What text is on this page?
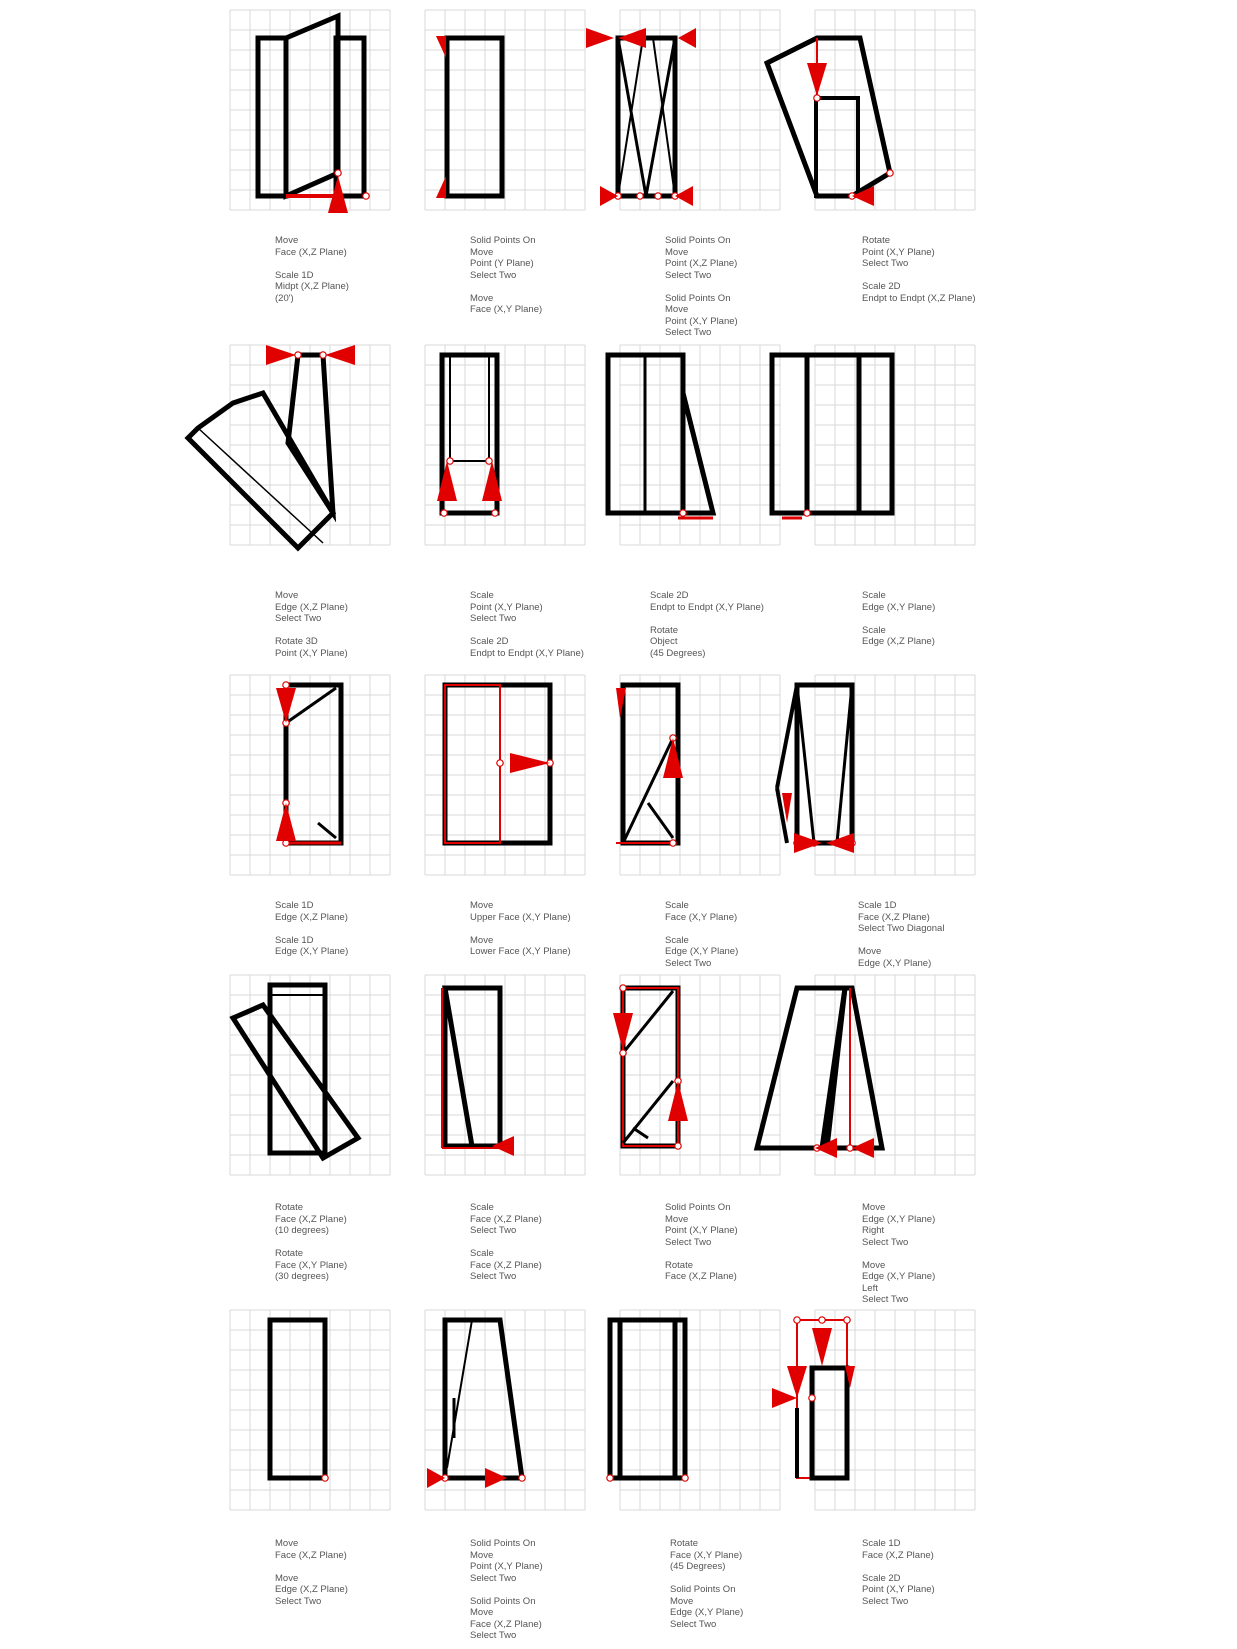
Move
Face (X,Z Plane)
Scale 1D
Midpt (X,Z Plane)
(20')
Solid Points On
Move
Point (Y Plane)
Select Two
Move
Face (X,Y Plane)
Solid Points On
Move
Point (X,Z Plane)
Select Two
Solid Points On
Move
Point (X,Y Plane)
Select Two
Rotate
Point (X,Y Plane)
Select Two
Scale 2D
Endpt to Endpt (X,Z Plane)
Move
Edge (X,Z Plane)
Select Two
Rotate 3D
Point (X,Y Plane)
Scale
Point (X,Y Plane)
Select Two
Scale 2D
Endpt to Endpt (X,Y Plane)
Scale 2D
Endpt to Endpt (X,Y Plane)
Rotate
Object
(45 Degrees)
Scale
Edge (X,Y Plane)
Scale
Edge (X,Z Plane)
Scale 1D
Edge (X,Z Plane)
Scale 1D
Edge (X,Y Plane)
Move
Upper Face (X,Y Plane)
Move
Lower Face (X,Y Plane)
Scale
Face (X,Y Plane)
Scale
Edge (X,Y Plane)
Select Two
Scale 1D
Face (X,Z Plane)
Select Two Diagonal
Move
Edge (X,Y Plane)
Rotate
Face (X,Z Plane)
(10 degrees)
Rotate
Face (X,Y Plane)
(30 degrees)
Scale
Face (X,Z Plane)
Select Two
Scale
Face (X,Z Plane)
Select Two
Solid Points On
Move
Point (X,Y Plane)
Select Two
Rotate
Face (X,Z Plane)
Move
Edge (X,Y Plane)
Right
Select Two
Move
Edge (X,Y Plane)
Left
Select Two
Move
Face (X,Z Plane)
Move
Edge (X,Z Plane)
Select Two
Solid Points On
Move
Point (X,Y Plane)
Select Two
Solid Points On
Move
Face (X,Z Plane)
Select Two
Rotate
Face (X,Y Plane)
(45 Degrees)
Solid Points On
Move
Edge (X,Y Plane)
Select Two
Scale 1D
Face (X,Z Plane)
Scale 2D
Point (X,Y Plane)
Select Two
